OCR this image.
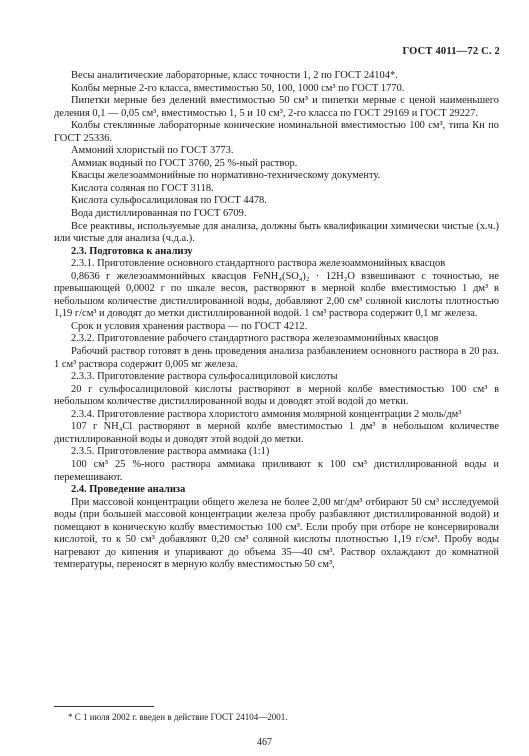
ГОСТ 4011—72 С. 2

Весы аналитические лабораторные, класс точности 1, 2 по ГОСТ 24104*.

Колбы мерные 2-го класса, вместимостью 50, 100, 1000 см³ по ГОСТ 1770.

Пипетки мерные без делений вместимостью 50 см³ и пипетки мерные с ценой наименьшего деления 0,1 — 0,05 см³, вместимостью 1, 5 и 10 см³, 2-го класса по ГОСТ 29169 и ГОСТ 29227.

Колбы стеклянные лабораторные конические номинальной вместимостью 100 см³, типа Кн по ГОСТ 25336.

Аммоний хлористый по ГОСТ 3773.

Аммиак водный по ГОСТ 3760, 25 %-ный раствор.

Квасцы железоаммонийные по нормативно-техническому документу.

Кислота соляная по ГОСТ 3118.

Кислота сульфосалициловая по ГОСТ 4478.

Вода дистиллированная по ГОСТ 6709.

Все реактивы, используемые для анализа, должны быть квалификации химически чистые (х.ч.) или чистые для анализа (ч.д.а.).

2.3. Подготовка к анализу

2.3.1. Приготовление основного стандартного раствора железоаммонийных квасцов

0,8636 г железоаммонийных квасцов FeNH₄(SO₄)₂ · 12H₂O взвешивают с точностью, не превышающей 0,0002 г по шкале весов, растворяют в мерной колбе вместимостью 1 дм³ в небольшом количестве дистиллированной воды, добавляют 2,00 см³ соляной кислоты плотностью 1,19 г/см³ и доводят до метки дистиллированной водой. 1 см³ раствора содержит 0,1 мг железа.

Срок и условия хранения раствора — по ГОСТ 4212.

2.3.2. Приготовление рабочего стандартного раствора железоаммонийных квасцов

Рабочий раствор готовят в день проведения анализа разбавлением основного раствора в 20 раз. 1 см³ раствора содержит 0,005 мг железа.

2.3.3. Приготовление раствора сульфосалициловой кислоты

20 г сульфосалициловой кислоты растворяют в мерной колбе вместимостью 100 см³ в небольшом количестве дистиллированной воды и доводят этой водой до метки.

2.3.4. Приготовление раствора хлористого аммония молярной концентрации 2 моль/дм³

107 г NH₄Cl растворяют в мерной колбе вместимостью 1 дм³ в небольшом количестве дистиллированной воды и доводят этой водой до метки.

2.3.5. Приготовление раствора аммиака (1:1)

100 см³ 25 %-ного раствора аммиака приливают к 100 см³ дистиллированной воды и перемешивают.

2.4. Проведение анализа

При массовой концентрации общего железа не более 2,00 мг/дм³ отбирают 50 см³ исследуемой воды (при большей массовой концентрации железа пробу разбавляют дистиллированной водой) и помещают в коническую колбу вместимостью 100 см³. Если пробу при отборе не консервировали кислотой, то к 50 см³ добавляют 0,20 см³ соляной кислоты плотностью 1,19 г/см³. Пробу воды нагревают до кипения и упаривают до объема 35—40 см³. Раствор охлаждают до комнатной температуры, переносят в мерную колбу вместимостью 50 см³,

* С 1 июля 2002 г. введен в действие ГОСТ 24104—2001.
467
